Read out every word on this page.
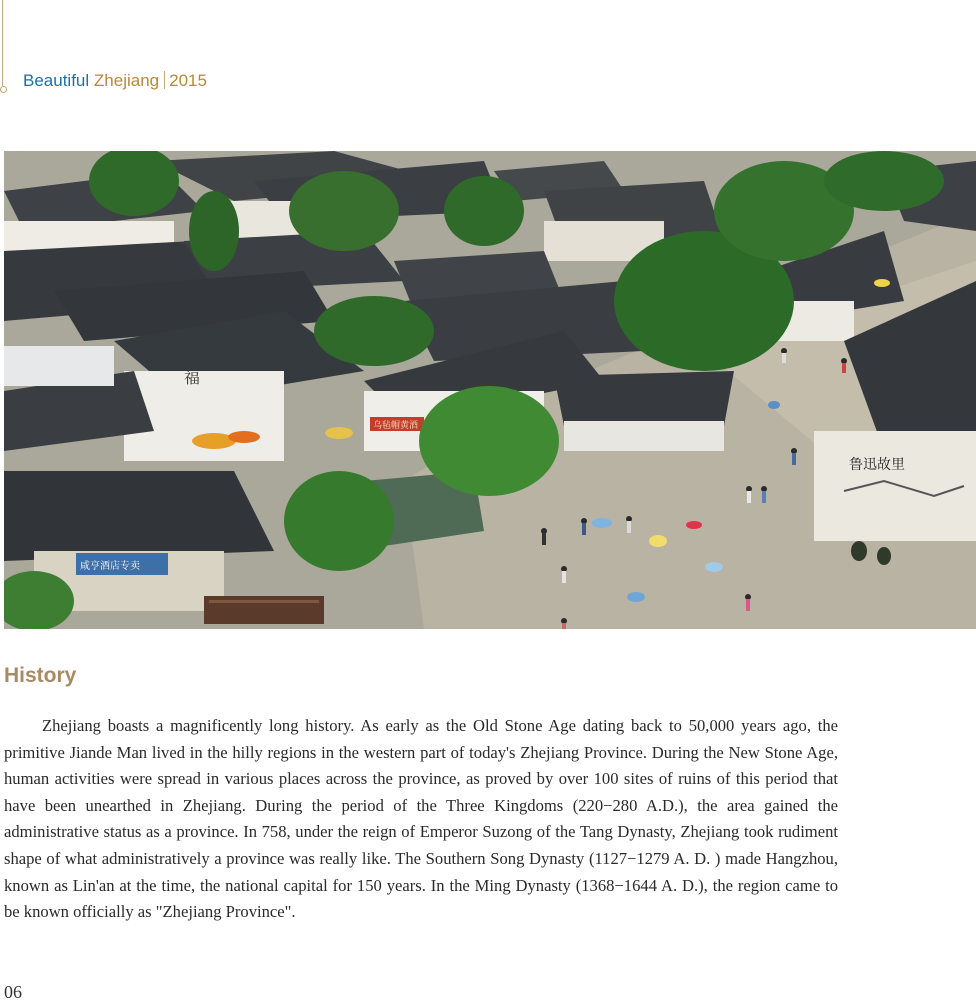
Beautiful Zhejiang 2015
福
乌毡帽黄酒
鲁迅故里
咸亨酒店专卖
History

Zhejiang boasts a magnificently long history. As early as the Old Stone Age dating back to 50,000 years ago, the primitive Jiande Man lived in the hilly regions in the western part of today's Zhejiang Province. During the New Stone Age, human activities were spread in various places across the province, as proved by over 100 sites of ruins of this period that have been unearthed in Zhejiang. During the period of the Three Kingdoms (220−280 A.D.), the area gained the administrative status as a province. In 758, under the reign of Emperor Suzong of the Tang Dynasty, Zhejiang took rudiment shape of what administratively a province was really like. The Southern Song Dynasty (1127−1279 A. D. ) made Hangzhou, known as Lin'an at the time, the national capital for 150 years. In the Ming Dynasty (1368−1644 A. D.), the region came to be known officially as "Zhejiang Province".

06
